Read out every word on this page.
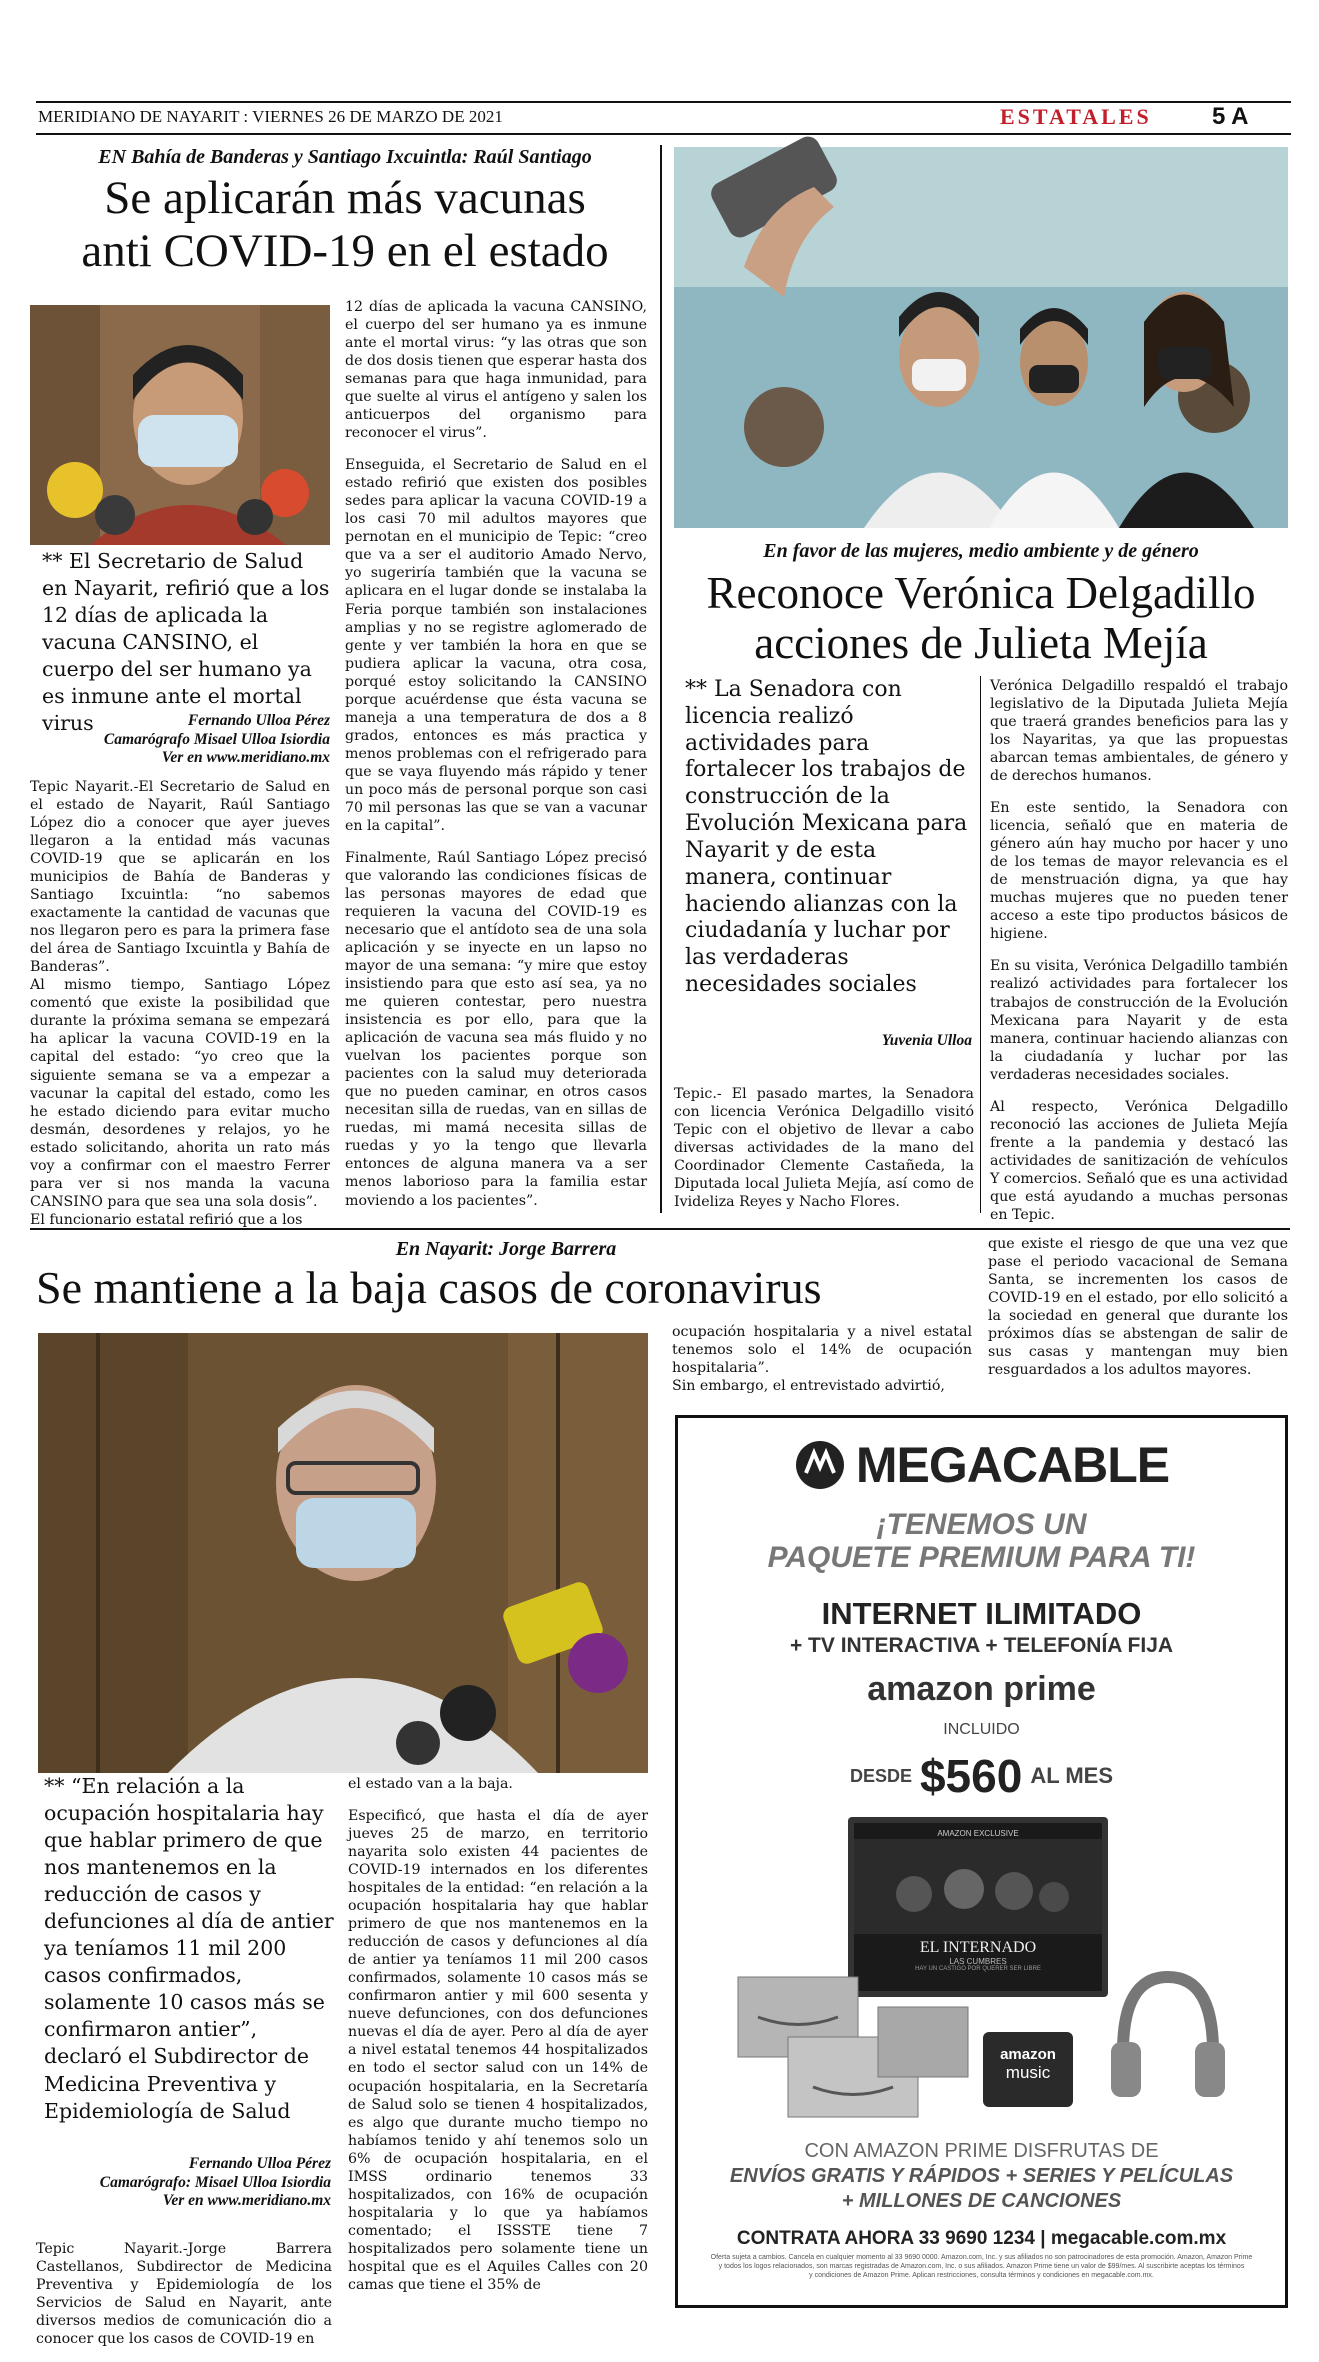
MERIDIANO DE NAYARIT : VIERNES 26 DE MARZO DE 2021	ESTATALES	5 A
EN Bahía de Banderas y Santiago Ixcuintla: Raúl Santiago
Se aplicarán más vacunas
anti COVID-19 en el estado
** El Secretario de Salud en Nayarit, refirió que a los 12 días de aplicada la vacuna CANSINO, el cuerpo del ser humano ya es inmune ante el mortal virus	Fernando Ulloa Pérez
Camarógrafo Misael Ulloa Isiordia
Ver en www.meridiano.mx

Tepic Nayarit.-El Secretario de Salud en el estado de Nayarit, Raúl Santiago López dio a conocer que ayer jueves llegaron a la entidad más vacunas COVID-19 que se aplicarán en los municipios de Bahía de Banderas y Santiago Ixcuintla: “no sabemos exactamente la cantidad de vacunas que nos llegaron pero es para la primera fase del área de Santiago Ixcuintla y Bahía de Banderas”.

Al mismo tiempo, Santiago López comentó que existe la posibilidad que durante la próxima semana se empezará ha aplicar la vacuna COVID-19 en la capital del estado: “yo creo que la siguiente semana se va a empezar a vacunar la capital del estado, como les he estado diciendo para evitar mucho desmán, desordenes y relajos, yo he estado solicitando, ahorita un rato más voy a confirmar con el maestro Ferrer para ver si nos manda la vacuna CANSINO para que sea una sola dosis”.

El funcionario estatal refirió que a los

12 días de aplicada la vacuna CANSINO, el cuerpo del ser humano ya es inmune ante el mortal virus: “y las otras que son de dos dosis tienen que esperar hasta dos semanas para que haga inmunidad, para que suelte al virus el antígeno y salen los anticuerpos del organismo para reconocer el virus”.

Enseguida, el Secretario de Salud en el estado refirió que existen dos posibles sedes para aplicar la vacuna COVID-19 a los casi 70 mil adultos mayores que pernotan en el municipio de Tepic: “creo que va a ser el auditorio Amado Nervo, yo sugeriría también que la vacuna se aplicara en el lugar donde se instalaba la Feria porque también son instalaciones amplias y no se registre aglomerado de gente y ver también la hora en que se pudiera aplicar la vacuna, otra cosa, porqué estoy solicitando la CANSINO porque acuérdense que ésta vacuna se maneja a una temperatura de dos a 8 grados, entonces es más practica y menos problemas con el refrigerado para que se vaya fluyendo más rápido y tener un poco más de personal porque son casi 70 mil personas las que se van a vacunar en la capital”.

Finalmente, Raúl Santiago López precisó que valorando las condiciones físicas de las personas mayores de edad que requieren la vacuna del COVID-19 es necesario que el antídoto sea de una sola aplicación y se inyecte en un lapso no mayor de una semana: “y mire que estoy insistiendo para que esto así sea, ya no me quieren contestar, pero nuestra insistencia es por ello, para que la aplicación de vacuna sea más fluido y no vuelvan los pacientes porque son pacientes con la salud muy deteriorada que no pueden caminar, en otros casos necesitan silla de ruedas, van en sillas de ruedas, mi mamá necesita sillas de ruedas y yo la tengo que llevarla entonces de alguna manera va a ser menos laborioso para la familia estar moviendo a los pacientes”.

En favor de las mujeres, medio ambiente y de género
Reconoce Verónica Delgadillo
acciones de Julieta Mejía
** La Senadora con licencia realizó actividades para fortalecer los trabajos de construcción de la Evolución Mexicana para Nayarit y de esta manera, continuar haciendo alianzas con la ciudadanía y luchar por las verdaderas necesidades sociales
Yuvenia Ulloa

Tepic.- El pasado martes, la Senadora con licencia Verónica Delgadillo visitó Tepic con el objetivo de llevar a cabo diversas actividades de la mano del Coordinador Clemente Castañeda, la Diputada local Julieta Mejía, así como de Ivideliza Reyes y Nacho Flores.

Verónica Delgadillo respaldó el trabajo legislativo de la Diputada Julieta Mejía que traerá grandes beneficios para las y los Nayaritas, ya que las propuestas abarcan temas ambientales, de género y de derechos humanos.

En este sentido, la Senadora con licencia, señaló que en materia de género aún hay mucho por hacer y uno de los temas de mayor relevancia es el de menstruación digna, ya que hay muchas mujeres que no pueden tener acceso a este tipo productos básicos de higiene.

En su visita, Verónica Delgadillo también realizó actividades para fortalecer los trabajos de construcción de la Evolución Mexicana para Nayarit y de esta manera, continuar haciendo alianzas con la ciudadanía y luchar por las verdaderas necesidades sociales.

Al respecto, Verónica Delgadillo reconoció las acciones de Julieta Mejía frente a la pandemia y destacó las actividades de sanitización de vehículos Y comercios. Señaló que es una actividad que está ayudando a muchas personas en Tepic.

En Nayarit: Jorge Barrera
Se mantiene a la baja casos de coronavirus
** “En relación a la ocupación hospitalaria hay que hablar primero de que nos mantenemos en la reducción de casos y defunciones al día de antier ya teníamos 11 mil 200 casos confirmados, solamente 10 casos más se confirmaron antier”, declaró el Subdirector de Medicina Preventiva y Epidemiología de Salud
Fernando Ulloa Pérez
Camarógrafo: Misael Ulloa Isiordia
Ver en www.meridiano.mx

Tepic Nayarit.-Jorge Barrera Castellanos, Subdirector de Medicina Preventiva y Epidemiología de los Servicios de Salud en Nayarit, ante diversos medios de comunicación dio a conocer que los casos de COVID-19 en

el estado van a la baja.

Especificó, que hasta el día de ayer jueves 25 de marzo, en territorio nayarita solo existen 44 pacientes de COVID-19 internados en los diferentes hospitales de la entidad: “en relación a la ocupación hospitalaria hay que hablar primero de que nos mantenemos en la reducción de casos y defunciones al día de antier ya teníamos 11 mil 200 casos confirmados, solamente 10 casos más se confirmaron antier y mil 600 sesenta y nueve defunciones, con dos defunciones nuevas el día de ayer. Pero al día de ayer a nivel estatal tenemos 44 hospitalizados en todo el sector salud con un 14% de ocupación hospitalaria, en la Secretaría de Salud solo se tienen 4 hospitalizados, es algo que durante mucho tiempo no habíamos tenido y ahí tenemos solo un 6% de ocupación hospitalaria, en el IMSS ordinario tenemos 33 hospitalizados, con 16% de ocupación hospitalaria y lo que ya habíamos comentado; el ISSSTE tiene 7 hospitalizados pero solamente tiene un hospital que es el Aquiles Calles con 20 camas que tiene el 35% de

ocupación hospitalaria y a nivel estatal tenemos solo el 14% de ocupación hospitalaria”.

Sin embargo, el entrevistado advirtió,

que existe el riesgo de que una vez que pase el periodo vacacional de Semana Santa, se incrementen los casos de COVID-19 en el estado, por ello solicitó a la sociedad en general que durante los próximos días se abstengan de salir de sus casas y mantengan muy bien resguardados a los adultos mayores.

MEGACABLE
¡TENEMOS UN
PAQUETE PREMIUM PARA TI!
INTERNET ILIMITADO
+ TV INTERACTIVA + TELEFONÍA FIJA
amazon prime
INCLUIDO
DESDE $560 AL MES
AMAZON EXCLUSIVE
EL INTERNADO
LAS CUMBRES
HAY UN CASTIGO POR QUERER SER LIBRE
amazon
music
CON AMAZON PRIME DISFRUTAS DE
ENVÍOS GRATIS Y RÁPIDOS + SERIES Y PELÍCULAS
+ MILLONES DE CANCIONES
CONTRATA AHORA 33 9690 1234 | megacable.com.mx
Oferta sujeta a cambios. Cancela en cualquier momento al 33 9690 0000. Amazon.com, Inc. y sus afiliados no son patrocinadores de esta promoción. Amazon, Amazon Prime
y todos los logos relacionados, son marcas registradas de Amazon.com, Inc. o sus afiliados. Amazon Prime tiene un valor de $99/mes. Al suscribirte aceptas los términos
y condiciones de Amazon Prime. Aplican restricciones, consulta términos y condiciones en megacable.com.mx.
